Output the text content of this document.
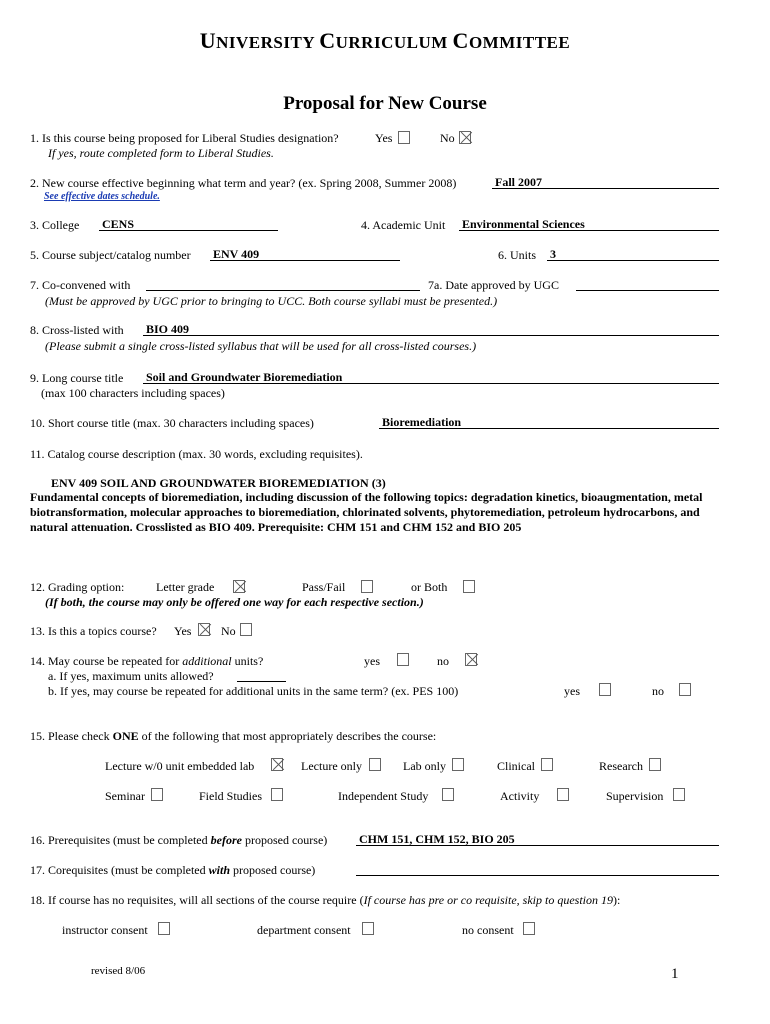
UNIVERSITY CURRICULUM COMMITTEE
Proposal for New Course
1. Is this course being proposed for Liberal Studies designation?	Yes	No
If yes, route completed form to Liberal Studies.
2. New course effective beginning what term and year? (ex. Spring 2008, Summer 2008)	Fall 2007
See effective dates schedule.
3. College CENS	4. Academic Unit Environmental Sciences
5. Course subject/catalog number ENV 409	6. Units 3
7. Co-convened with	7a. Date approved by UGC
(Must be approved by UGC prior to bringing to UCC. Both course syllabi must be presented.)
8. Cross-listed with BIO 409
(Please submit a single cross-listed syllabus that will be used for all cross-listed courses.)
9. Long course title Soil and Groundwater Bioremediation
(max 100 characters including spaces)
10. Short course title (max. 30 characters including spaces)	Bioremediation
11. Catalog course description (max. 30 words, excluding requisites).
ENV 409 SOIL AND GROUNDWATER BIOREMEDIATION (3)
Fundamental concepts of bioremediation, including discussion of the following topics: degradation kinetics, bioaugmentation, metal biotransformation, molecular approaches to bioremediation, chlorinated solvents, phytoremediation, petroleum hydrocarbons, and natural attenuation. Crosslisted as BIO 409. Prerequisite: CHM 151 and CHM 152 and BIO 205
12. Grading option:	Letter grade	Pass/Fail	or Both
(If both, the course may only be offered one way for each respective section.)
13. Is this a topics course? Yes No
14. May course be repeated for additional units?	yes	no
a. If yes, maximum units allowed?
b. If yes, may course be repeated for additional units in the same term? (ex. PES 100)	yes	no
15. Please check ONE of the following that most appropriately describes the course:
Lecture w/0 unit embedded lab	Lecture only	Lab only	Clinical	Research
Seminar	Field Studies	Independent Study	Activity	Supervision
16. Prerequisites (must be completed before proposed course)	CHM 151, CHM 152, BIO 205
17. Corequisites (must be completed with proposed course)
18. If course has no requisites, will all sections of the course require (If course has pre or co requisite, skip to question 19):
instructor consent	department consent	no consent
revised 8/06	1
